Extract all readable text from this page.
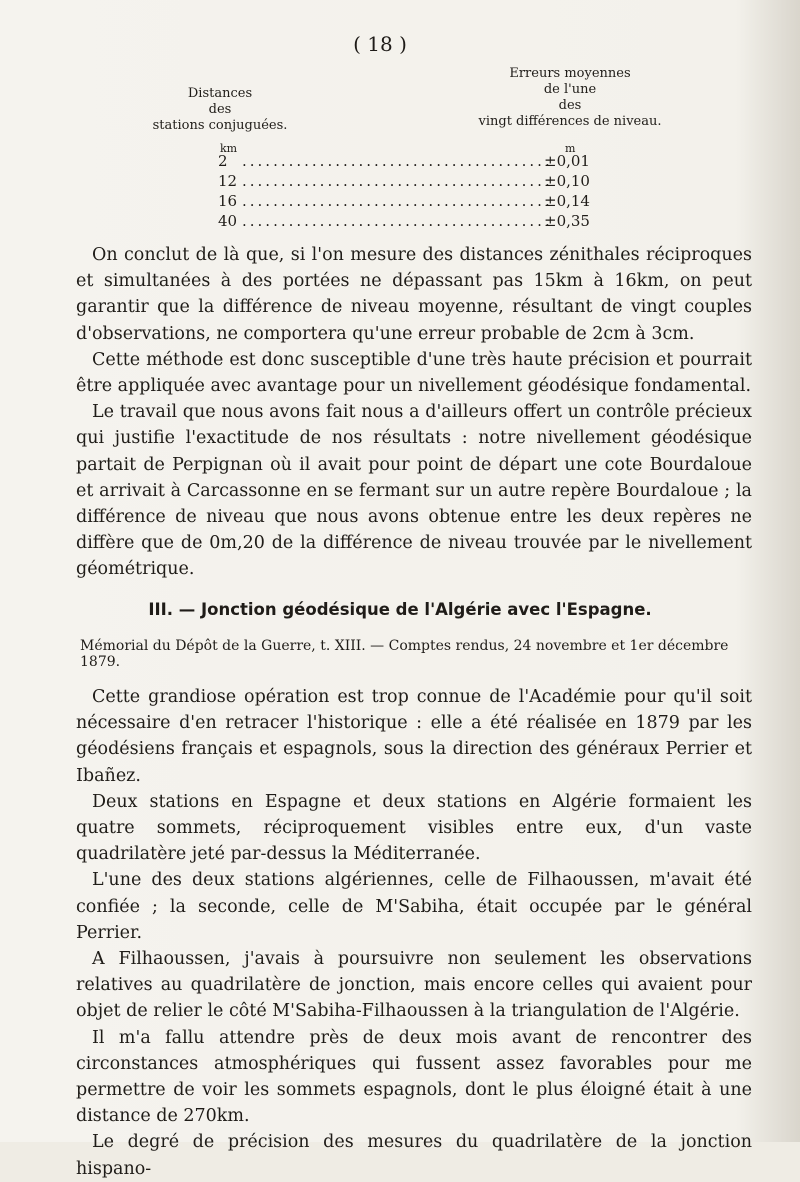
( 18 )
Distances
des
stations conjuguées.
Erreurs moyennes
de l'une
des
vingt différences de niveau.
km	m
2 ........................................
±0,01
12 ........................................
±0,10
16 ........................................
±0,14
40 ........................................
±0,35

On conclut de là que, si l'on mesure des distances zénithales réciproques et simultanées à des portées ne dépassant pas 15km à 16km, on peut garantir que la différence de niveau moyenne, résultant de vingt couples d'observations, ne comportera qu'une erreur probable de 2cm à 3cm.

Cette méthode est donc susceptible d'une très haute précision et pourrait être appliquée avec avantage pour un nivellement géodésique fondamental.

Le travail que nous avons fait nous a d'ailleurs offert un contrôle précieux qui justifie l'exactitude de nos résultats : notre nivellement géodésique partait de Perpignan où il avait pour point de départ une cote Bourdaloue et arrivait à Carcassonne en se fermant sur un autre repère Bourdaloue ; la différence de niveau que nous avons obtenue entre les deux repères ne diffère que de 0m,20 de la différence de niveau trouvée par le nivellement géométrique.

III. — Jonction géodésique de l'Algérie avec l'Espagne.
Mémorial du Dépôt de la Guerre, t. XIII. — Comptes rendus, 24 novembre et 1er décembre 1879.

Cette grandiose opération est trop connue de l'Académie pour qu'il soit nécessaire d'en retracer l'historique : elle a été réalisée en 1879 par les géodésiens français et espagnols, sous la direction des généraux Perrier et Ibañez.

Deux stations en Espagne et deux stations en Algérie formaient les quatre sommets, réciproquement visibles entre eux, d'un vaste quadrilatère jeté par-dessus la Méditerranée.

L'une des deux stations algériennes, celle de Filhaoussen, m'avait été confiée ; la seconde, celle de M'Sabiha, était occupée par le général Perrier.

A Filhaoussen, j'avais à poursuivre non seulement les observations relatives au quadrilatère de jonction, mais encore celles qui avaient pour objet de relier le côté M'Sabiha-Filhaoussen à la triangulation de l'Algérie.

Il m'a fallu attendre près de deux mois avant de rencontrer des circonstances atmosphériques qui fussent assez favorables pour me permettre de voir les sommets espagnols, dont le plus éloigné était à une distance de 270km.

Le degré de précision des mesures du quadrilatère de la jonction hispano-
